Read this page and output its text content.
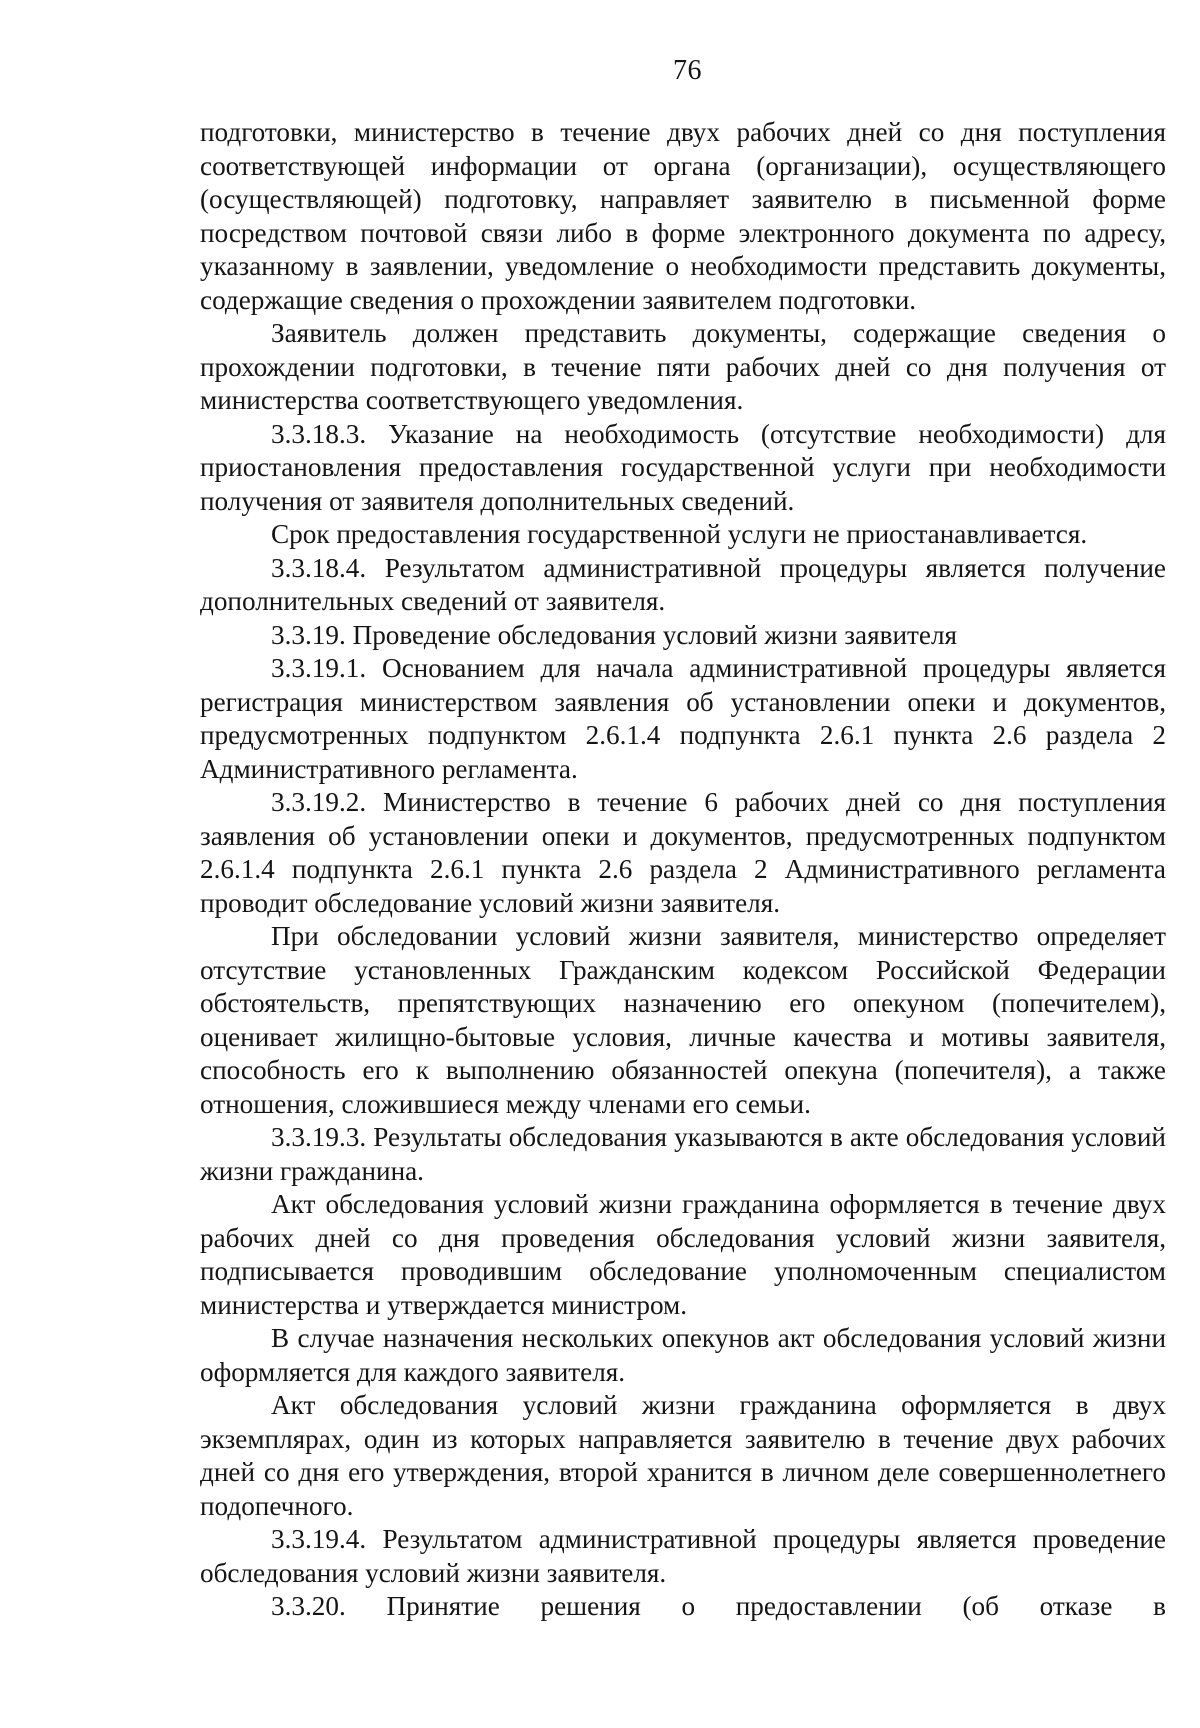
76

подготовки, министерство в течение двух рабочих дней со дня поступления соответствующей информации от органа (организации), осуществляющего (осуществляющей) подготовку, направляет заявителю в письменной форме посредством почтовой связи либо в форме электронного документа по адресу, указанному в заявлении, уведомление о необходимости представить документы, содержащие сведения о прохождении заявителем подготовки.

Заявитель должен представить документы, содержащие сведения о прохождении подготовки, в течение пяти рабочих дней со дня получения от министерства соответствующего уведомления.

3.3.18.3. Указание на необходимость (отсутствие необходимости) для приостановления предоставления государственной услуги при необходимости получения от заявителя дополнительных сведений.

Срок предоставления государственной услуги не приостанавливается.

3.3.18.4. Результатом административной процедуры является получение дополнительных сведений от заявителя.

3.3.19. Проведение обследования условий жизни заявителя

3.3.19.1. Основанием для начала административной процедуры является регистрация министерством заявления об установлении опеки и документов, предусмотренных подпунктом 2.6.1.4 подпункта 2.6.1 пункта 2.6 раздела 2 Административного регламента.

3.3.19.2. Министерство в течение 6 рабочих дней со дня поступления заявления об установлении опеки и документов, предусмотренных подпунктом 2.6.1.4 подпункта 2.6.1 пункта 2.6 раздела 2 Административного регламента проводит обследование условий жизни заявителя.

При обследовании условий жизни заявителя, министерство определяет отсутствие установленных Гражданским кодексом Российской Федерации обстоятельств, препятствующих назначению его опекуном (попечителем), оценивает жилищно-бытовые условия, личные качества и мотивы заявителя, способность его к выполнению обязанностей опекуна (попечителя), а также отношения, сложившиеся между членами его семьи.

3.3.19.3. Результаты обследования указываются в акте обследования условий жизни гражданина.

Акт обследования условий жизни гражданина оформляется в течение двух рабочих дней со дня проведения обследования условий жизни заявителя, подписывается проводившим обследование уполномоченным специалистом министерства и утверждается министром.

В случае назначения нескольких опекунов акт обследования условий жизни оформляется для каждого заявителя.

Акт обследования условий жизни гражданина оформляется в двух экземплярах, один из которых направляется заявителю в течение двух рабочих дней со дня его утверждения, второй хранится в личном деле совершеннолетнего подопечного.

3.3.19.4. Результатом административной процедуры является проведение обследования условий жизни заявителя.

3.3.20. Принятие решения о предоставлении (об отказе в
